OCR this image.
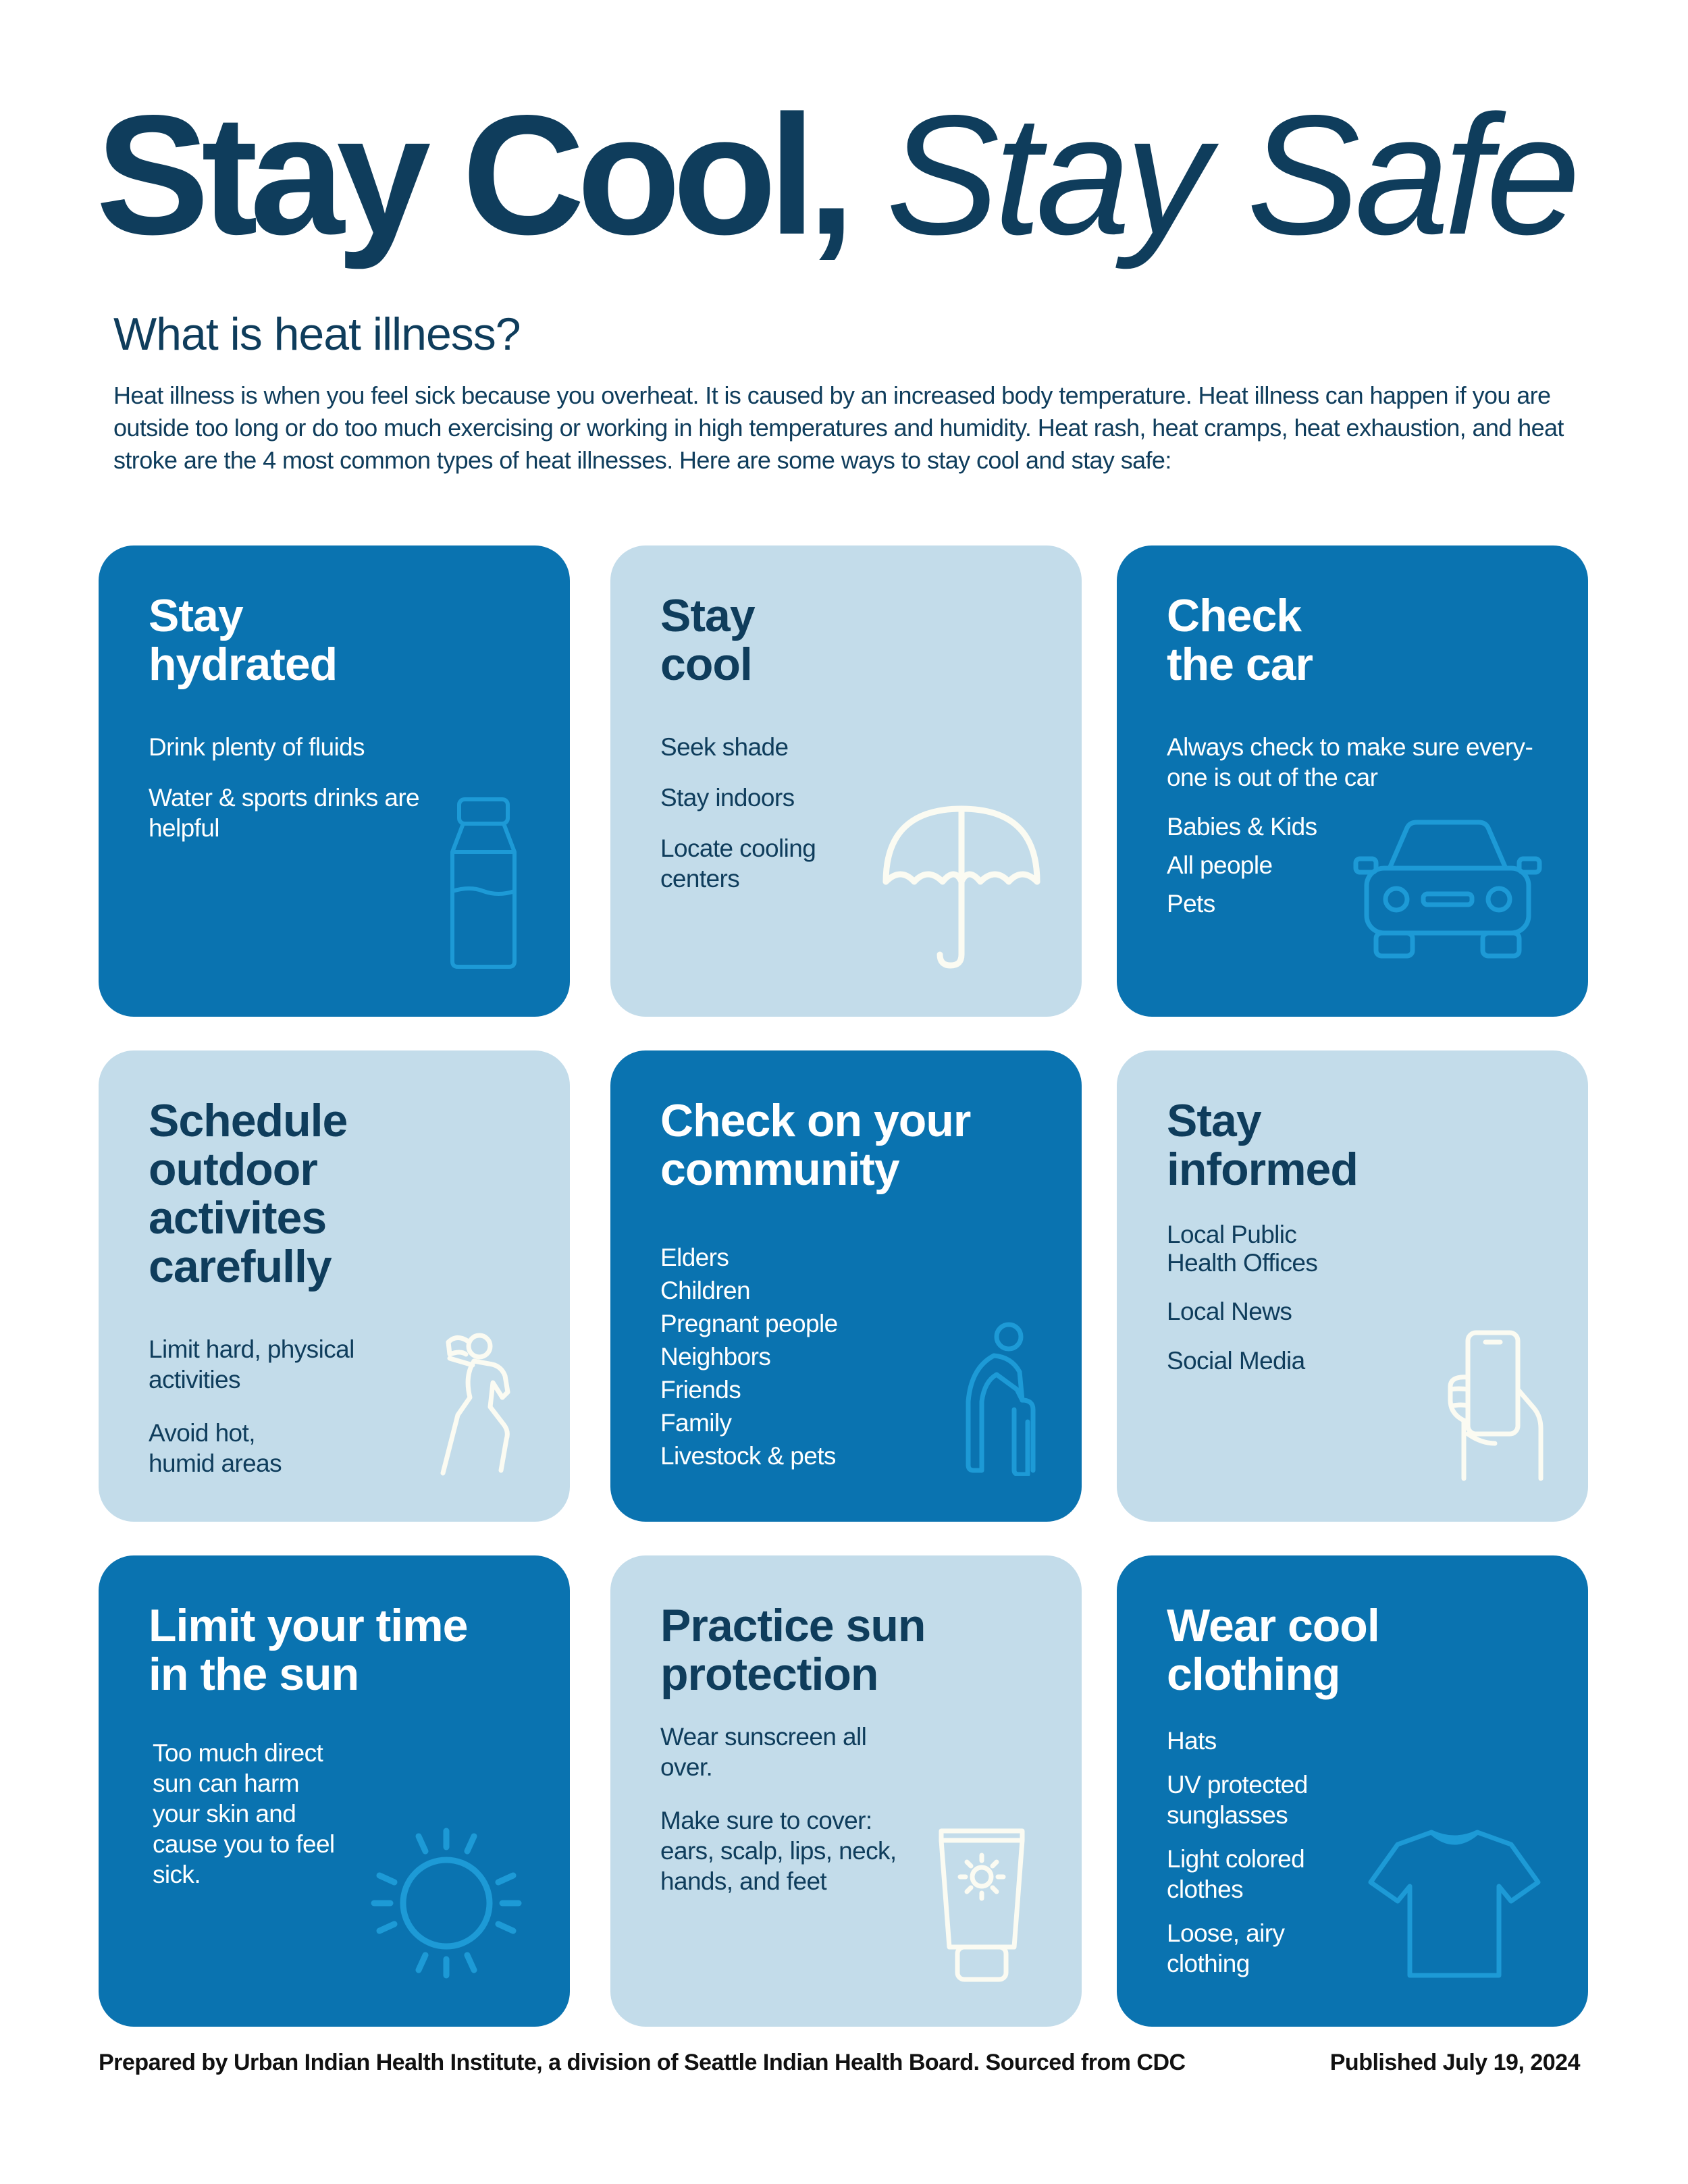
Stay Cool, Stay Safe
What is heat illness?

Heat illness is when you feel sick because you overheat. It is caused by an increased body temperature. Heat illness can happen if you are outside too long or do too much exercising or working in high temperatures and humidity. Heat rash, heat cramps, heat exhaustion, and heat stroke are the 4 most common types of heat illnesses. Here are some ways to stay cool and stay safe:

Stay
hydrated
Drink plenty of fluids
Water & sports drinks are
helpful
Stay
cool
Seek shade
Stay indoors
Locate cooling
centers
Check
the car
Always check to make sure every-
one is out of the car
Babies & Kids
All people
Pets
Schedule
outdoor
activites
carefully
Limit hard, physical
activities
Avoid hot,
humid areas
Check on your
community
Elders
Children
Pregnant people
Neighbors
Friends
Family
Livestock & pets
Stay
informed
Local Public
Health Offices
Local News
Social Media
Limit your time
in the sun
Too much direct
sun can harm
your skin and
cause you to feel
sick.
Practice sun
protection
Wear sunscreen all
over.
Make sure to cover:
ears, scalp, lips, neck,
hands, and feet
Wear cool
clothing
Hats
UV protected
sunglasses
Light colored
clothes
Loose, airy
clothing

Prepared by Urban Indian Health Institute, a division of Seattle Indian Health Board. Sourced from CDC	Published July 19, 2024
